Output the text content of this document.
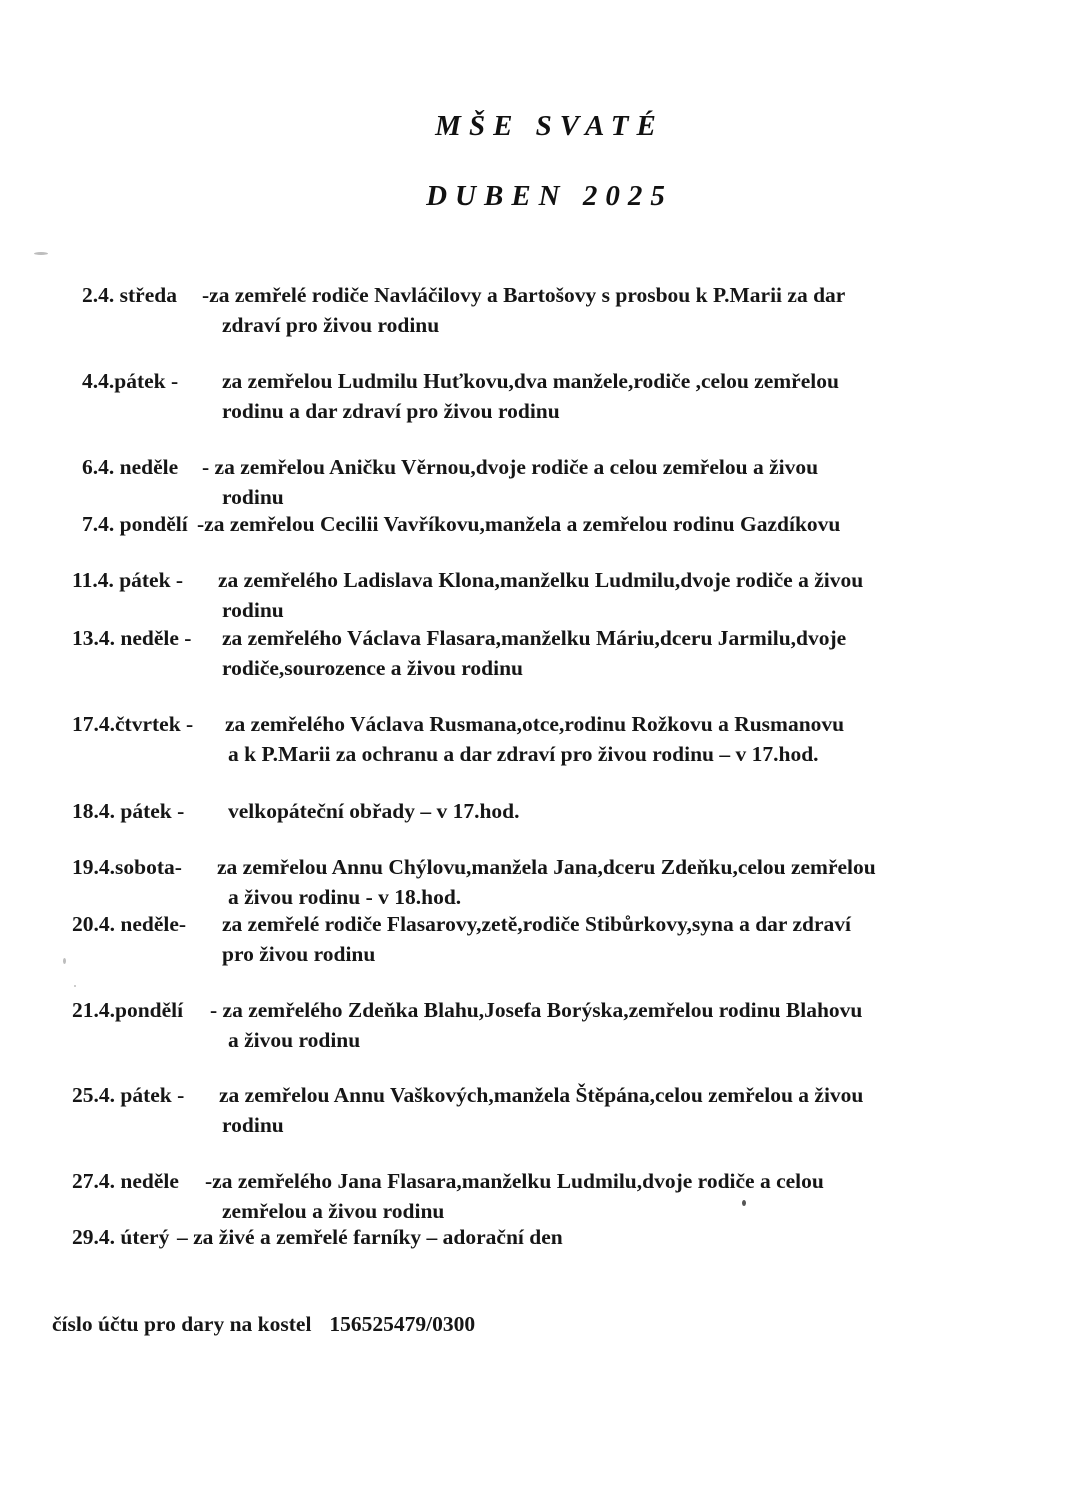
MŠE SVATÉ
DUBEN 2025
2.4. středa -za zemřelé rodiče Navláčilovy a Bartošovy s prosbou k P.Marii za dar
zdraví pro živou rodinu
4.4.pátek - za zemřelou Ludmilu Huťkovu,dva manžele,rodiče ,celou zemřelou
rodinu a dar zdraví pro živou rodinu
6.4. neděle - za zemřelou Aničku Věrnou,dvoje rodiče a celou zemřelou a živou
rodinu
7.4. pondělí -za zemřelou Cecilii Vavříkovu,manžela a zemřelou rodinu Gazdíkovu
11.4. pátek - za zemřelého Ladislava Klona,manželku Ludmilu,dvoje rodiče a živou
rodinu
13.4. neděle - za zemřelého Václava Flasara,manželku Máriu,dceru Jarmilu,dvoje
rodiče,sourozence a živou rodinu
17.4.čtvrtek - za zemřelého Václava Rusmana,otce,rodinu Rožkovu a Rusmanovu
a k P.Marii za ochranu a dar zdraví pro živou rodinu – v 17.hod.
18.4. pátek - velkopáteční obřady – v 17.hod.
19.4.sobota- za zemřelou Annu Chýlovu,manžela Jana,dceru Zdeňku,celou zemřelou
a živou rodinu - v 18.hod.
20.4. neděle- za zemřelé rodiče Flasarovy,zetě,rodiče Stibůrkovy,syna a dar zdraví
pro živou rodinu
21.4.pondělí - za zemřelého Zdeňka Blahu,Josefa Borýska,zemřelou rodinu Blahovu
a živou rodinu
25.4. pátek - za zemřelou Annu Vaškových,manžela Štěpána,celou zemřelou a živou
rodinu
27.4. neděle -za zemřelého Jana Flasara,manželku Ludmilu,dvoje rodiče a celou
zemřelou a živou rodinu
29.4. úterý – za živé a zemřelé farníky – adorační den
číslo účtu pro dary na kostel 156525479/0300
